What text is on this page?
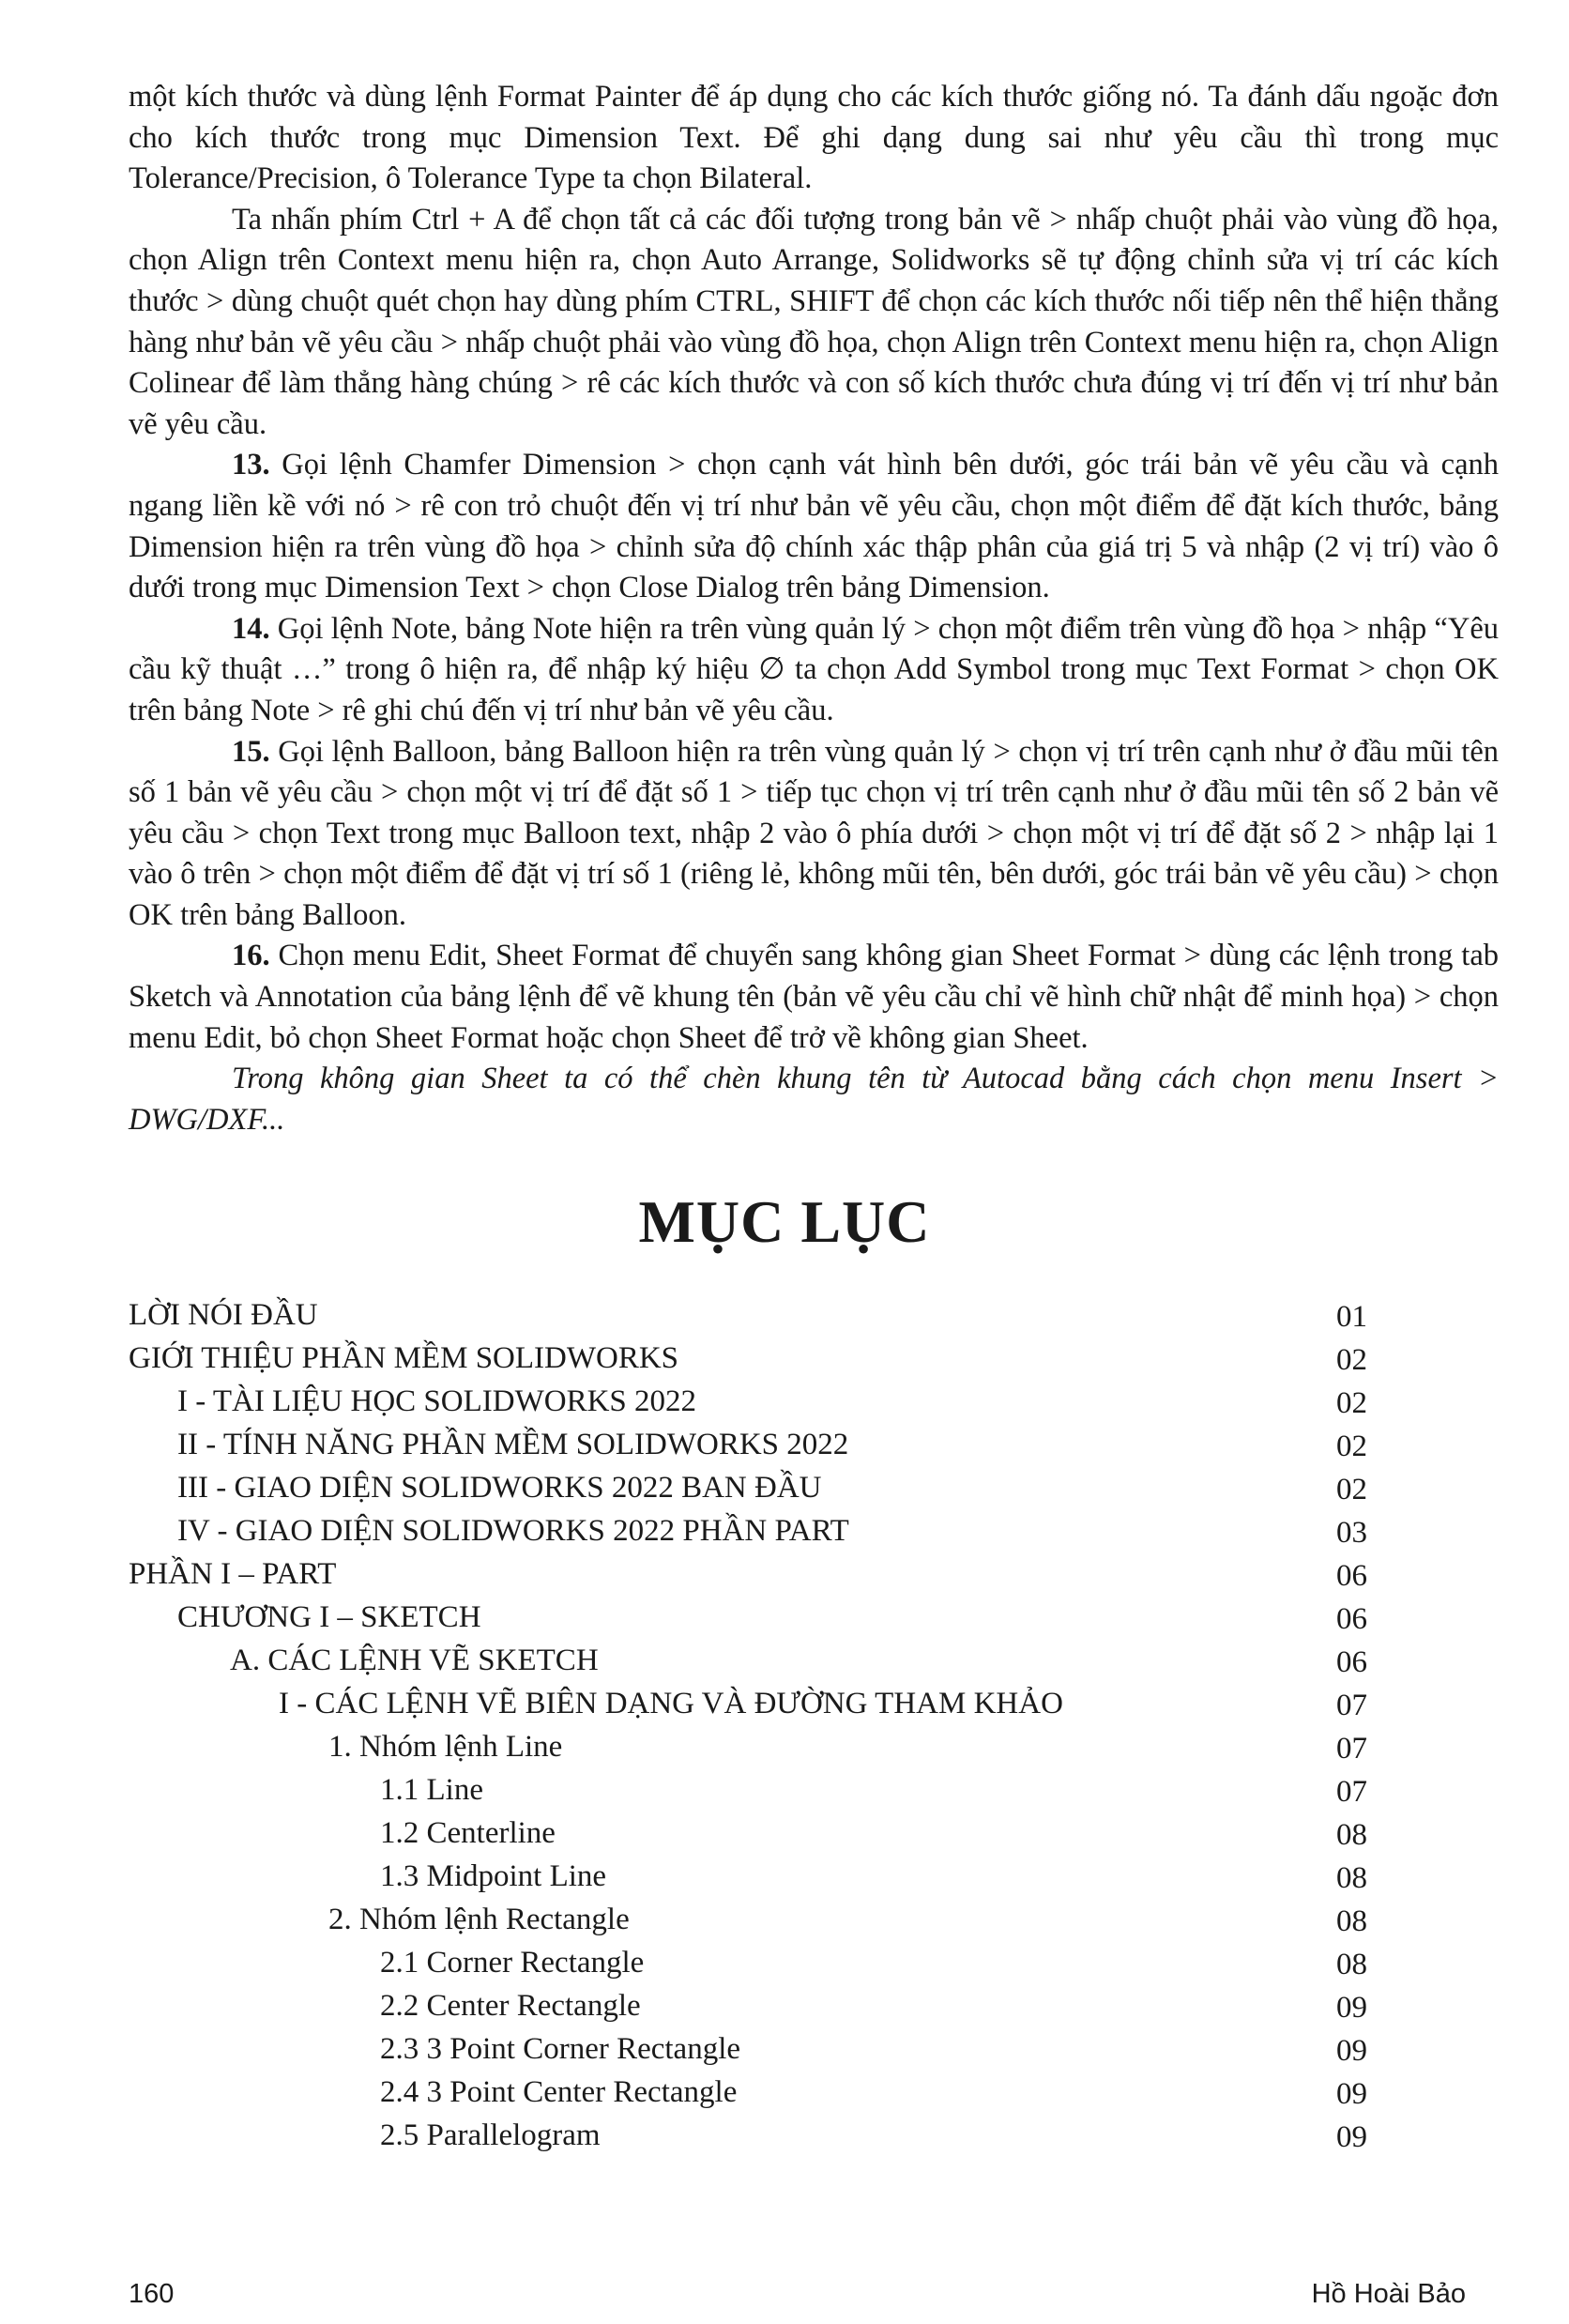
một kích thước và dùng lệnh Format Painter để áp dụng cho các kích thước giống nó. Ta đánh dấu ngoặc đơn cho kích thước trong mục Dimension Text. Để ghi dạng dung sai như yêu cầu thì trong mục Tolerance/Precision, ô Tolerance Type ta chọn Bilateral.

Ta nhấn phím Ctrl + A để chọn tất cả các đối tượng trong bản vẽ > nhấp chuột phải vào vùng đồ họa, chọn Align trên Context menu hiện ra, chọn Auto Arrange, Solidworks sẽ tự động chỉnh sửa vị trí các kích thước > dùng chuột quét chọn hay dùng phím CTRL, SHIFT để chọn các kích thước nối tiếp nên thể hiện thẳng hàng như bản vẽ yêu cầu > nhấp chuột phải vào vùng đồ họa, chọn Align trên Context menu hiện ra, chọn Align Colinear để làm thẳng hàng chúng > rê các kích thước và con số kích thước chưa đúng vị trí đến vị trí như bản vẽ yêu cầu.

13. Gọi lệnh Chamfer Dimension > chọn cạnh vát hình bên dưới, góc trái bản vẽ yêu cầu và cạnh ngang liền kề với nó > rê con trỏ chuột đến vị trí như bản vẽ yêu cầu, chọn một điểm để đặt kích thước, bảng Dimension hiện ra trên vùng đồ họa > chỉnh sửa độ chính xác thập phân của giá trị 5 và nhập (2 vị trí) vào ô dưới trong mục Dimension Text > chọn Close Dialog trên bảng Dimension.

14. Gọi lệnh Note, bảng Note hiện ra trên vùng quản lý > chọn một điểm trên vùng đồ họa > nhập “Yêu cầu kỹ thuật …” trong ô hiện ra, để nhập ký hiệu ∅ ta chọn Add Symbol trong mục Text Format > chọn OK trên bảng Note > rê ghi chú đến vị trí như bản vẽ yêu cầu.

15. Gọi lệnh Balloon, bảng Balloon hiện ra trên vùng quản lý > chọn vị trí trên cạnh như ở đầu mũi tên số 1 bản vẽ yêu cầu > chọn một vị trí để đặt số 1 > tiếp tục chọn vị trí trên cạnh như ở đầu mũi tên số 2 bản vẽ yêu cầu > chọn Text trong mục Balloon text, nhập 2 vào ô phía dưới > chọn một vị trí để đặt số 2 > nhập lại 1 vào ô trên > chọn một điểm để đặt vị trí số 1 (riêng lẻ, không mũi tên, bên dưới, góc trái bản vẽ yêu cầu) > chọn OK trên bảng Balloon.

16. Chọn menu Edit, Sheet Format để chuyển sang không gian Sheet Format > dùng các lệnh trong tab Sketch và Annotation của bảng lệnh để vẽ khung tên (bản vẽ yêu cầu chỉ vẽ hình chữ nhật để minh họa) > chọn menu Edit, bỏ chọn Sheet Format hoặc chọn Sheet để trở về không gian Sheet.

Trong không gian Sheet ta có thể chèn khung tên từ Autocad bằng cách chọn menu Insert > DWG/DXF...

MỤC LỤC
LỜI NÓI ĐẦU	01
GIỚI THIỆU PHẦN MỀM SOLIDWORKS	02
I - TÀI LIỆU HỌC SOLIDWORKS 2022	02
II - TÍNH NĂNG PHẦN MỀM SOLIDWORKS 2022	02
III - GIAO DIỆN SOLIDWORKS 2022 BAN ĐẦU	02
IV - GIAO DIỆN SOLIDWORKS 2022 PHẦN PART	03
PHẦN I – PART	06
CHƯƠNG I – SKETCH	06
A. CÁC LỆNH VẼ SKETCH	06
I - CÁC LỆNH VẼ BIÊN DẠNG VÀ ĐƯỜNG THAM KHẢO	07
1. Nhóm lệnh Line	07
1.1 Line	07
1.2 Centerline	08
1.3 Midpoint Line	08
2. Nhóm lệnh Rectangle	08
2.1 Corner Rectangle	08
2.2 Center Rectangle	09
2.3 3 Point Corner Rectangle	09
2.4 3 Point Center Rectangle	09
2.5 Parallelogram	09
160	Hồ Hoài Bảo
